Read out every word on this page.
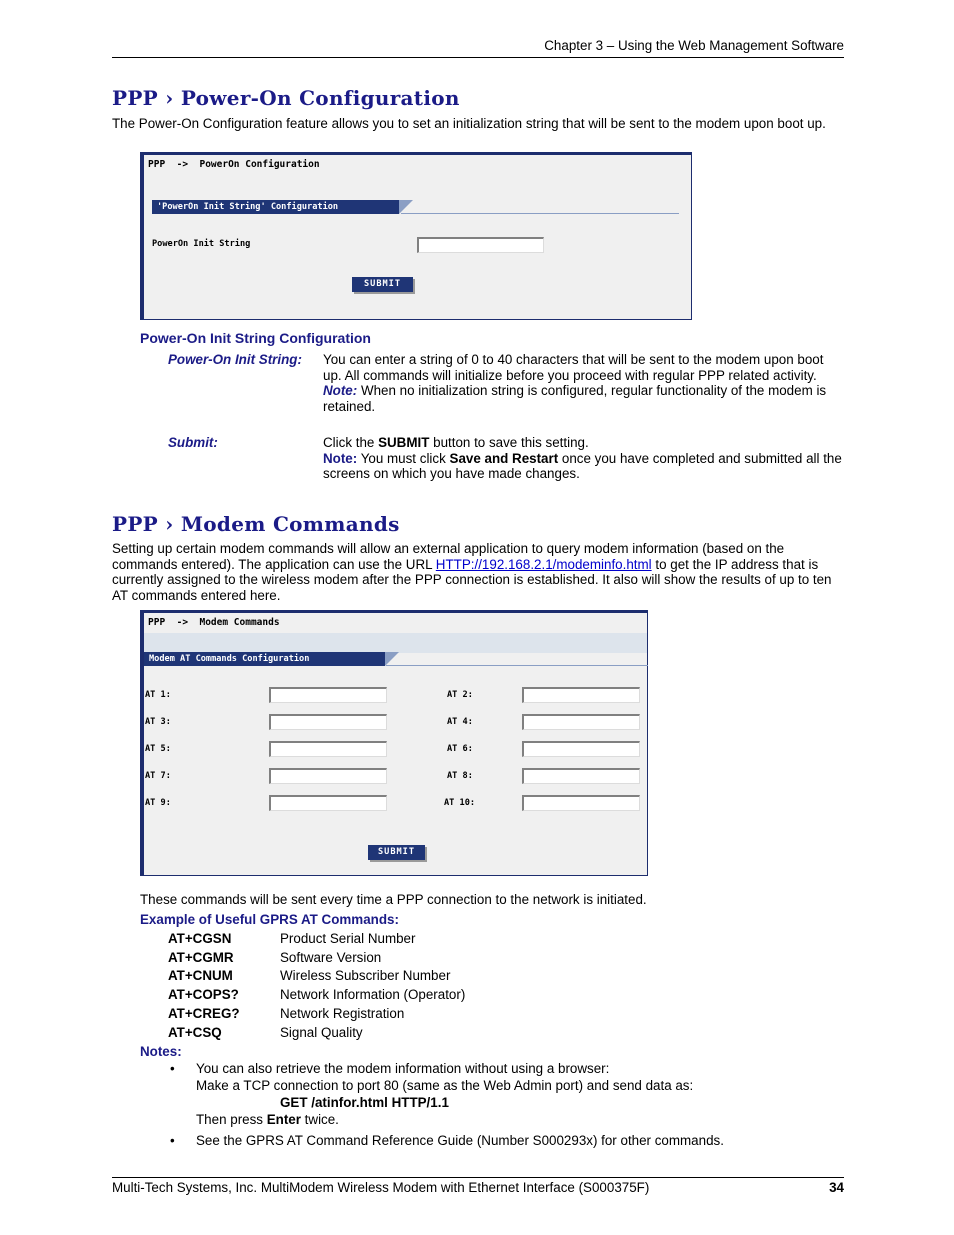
Chapter 3 – Using the Web Management Software
PPP › Power-On Configuration
The Power-On Configuration feature allows you to set an initialization string that will be sent to the modem upon boot up.
PPP  ->  PowerOn Configuration
'PowerOn Init String' Configuration
PowerOn Init String
SUBMIT
Power-On Init String Configuration
Power-On Init String: You can enter a string of 0 to 40 characters that will be sent to the modem upon boot up. All commands will initialize before you proceed with regular PPP related activity.
Note: When no initialization string is configured, regular functionality of the modem is retained.
Submit:	Click the SUBMIT button to save this setting.
Note: You must click Save and Restart once you have completed and submitted all the screens on which you have made changes.
PPP › Modem Commands
Setting up certain modem commands will allow an external application to query modem information (based on the commands entered). The application can use the URL HTTP://192.168.2.1/modeminfo.html to get the IP address that is currently assigned to the wireless modem after the PPP connection is established. It also will show the results of up to ten AT commands entered here.
PPP  ->  Modem Commands
Modem AT Commands Configuration
AT 1:	AT 2:
AT 3:	AT 4:
AT 5:	AT 6:
AT 7:	AT 8:
AT 9:	AT 10:
SUBMIT
These commands will be sent every time a PPP connection to the network is initiated.
Example of Useful GPRS AT Commands:
AT+CGSN	Product Serial Number
AT+CGMR	Software Version
AT+CNUM	Wireless Subscriber Number
AT+COPS?	Network Information (Operator)
AT+CREG?	Network Registration
AT+CSQ	Signal Quality
Notes:
• You can also retrieve the modem information without using a browser:
Make a TCP connection to port 80 (same as the Web Admin port) and send data as:
GET /atinfor.html HTTP/1.1
Then press Enter twice.
• See the GPRS AT Command Reference Guide (Number S000293x) for other commands.
Multi-Tech Systems, Inc. MultiModem Wireless Modem with Ethernet Interface (S000375F)	34
